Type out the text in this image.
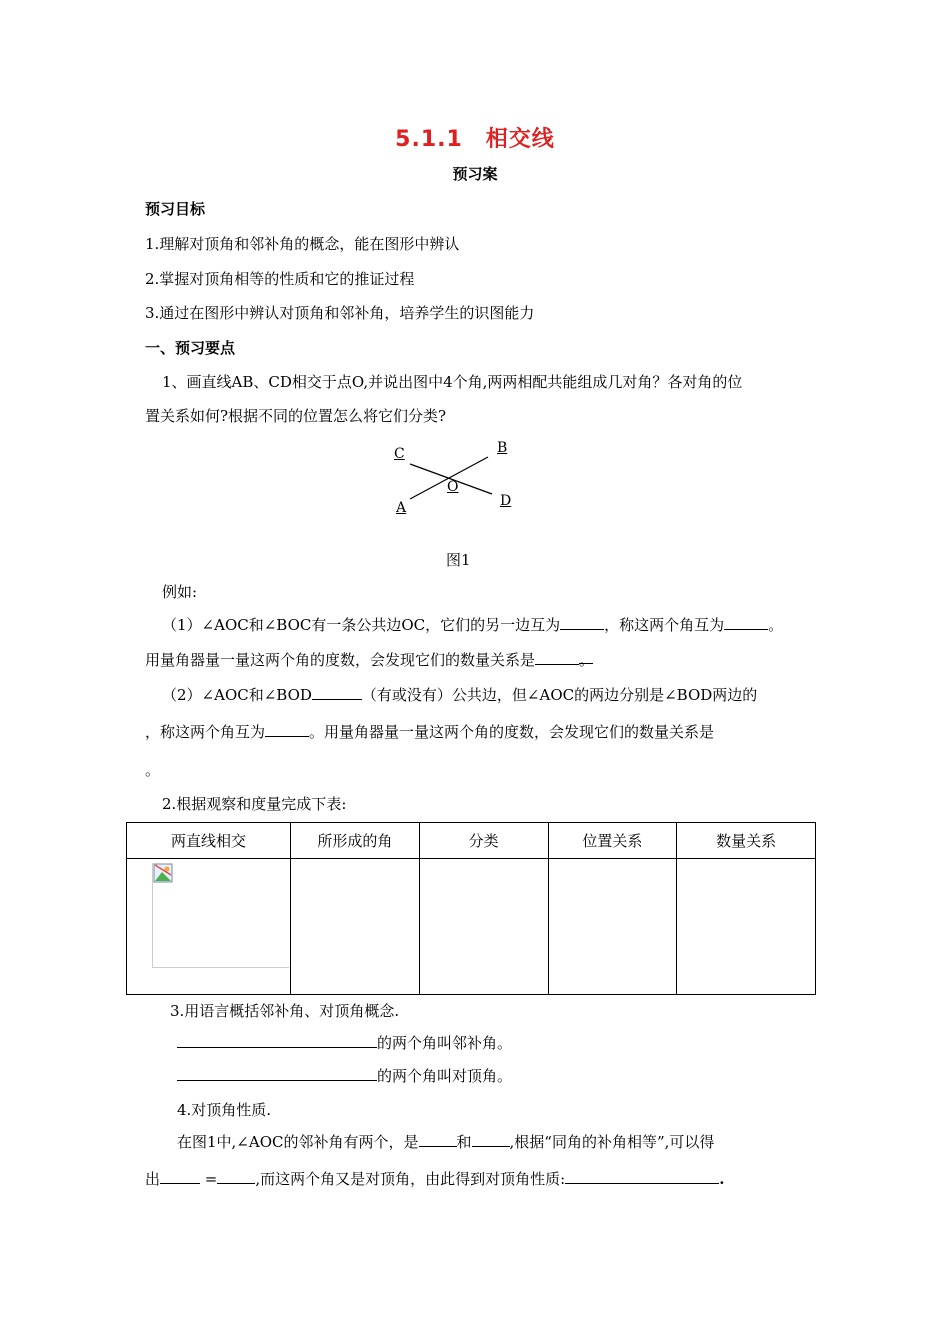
5.1.1　相交线
预习案
预习目标
1.理解对顶角和邻补角的概念，能在图形中辨认
2.掌握对顶角相等的性质和它的推证过程
3.通过在图形中辨认对顶角和邻补角，培养学生的识图能力
一、预习要点
1、画直线AB、CD相交于点O,并说出图中4个角,两两相配共能组成几对角？各对角的位
置关系如何?根据不同的位置怎么将它们分类?
C	B
O
A	D
图1
例如:
（1）∠AOC和∠BOC有一条公共边OC，它们的另一边互为	，称这两个角互为	。
用量角器量一量这两个角的度数，会发现它们的数量关系是	。
（2）∠AOC和∠BOD	（有或没有）公共边，但∠AOC的两边分别是∠BOD两边的
，称这两个角互为	。用量角器量一量这两个角的度数，会发现它们的数量关系是
。
2.根据观察和度量完成下表:
两直线相交	所形成的角	分类	位置关系	数量关系

3.用语言概括邻补角、对顶角概念.
的两个角叫邻补角。
的两个角叫对顶角。
4.对顶角性质.
在图1中,∠AOC的邻补角有两个，是	和	,根据“同角的补角相等”,可以得
出	=	,而这两个角又是对顶角，由此得到对顶角性质:	.
